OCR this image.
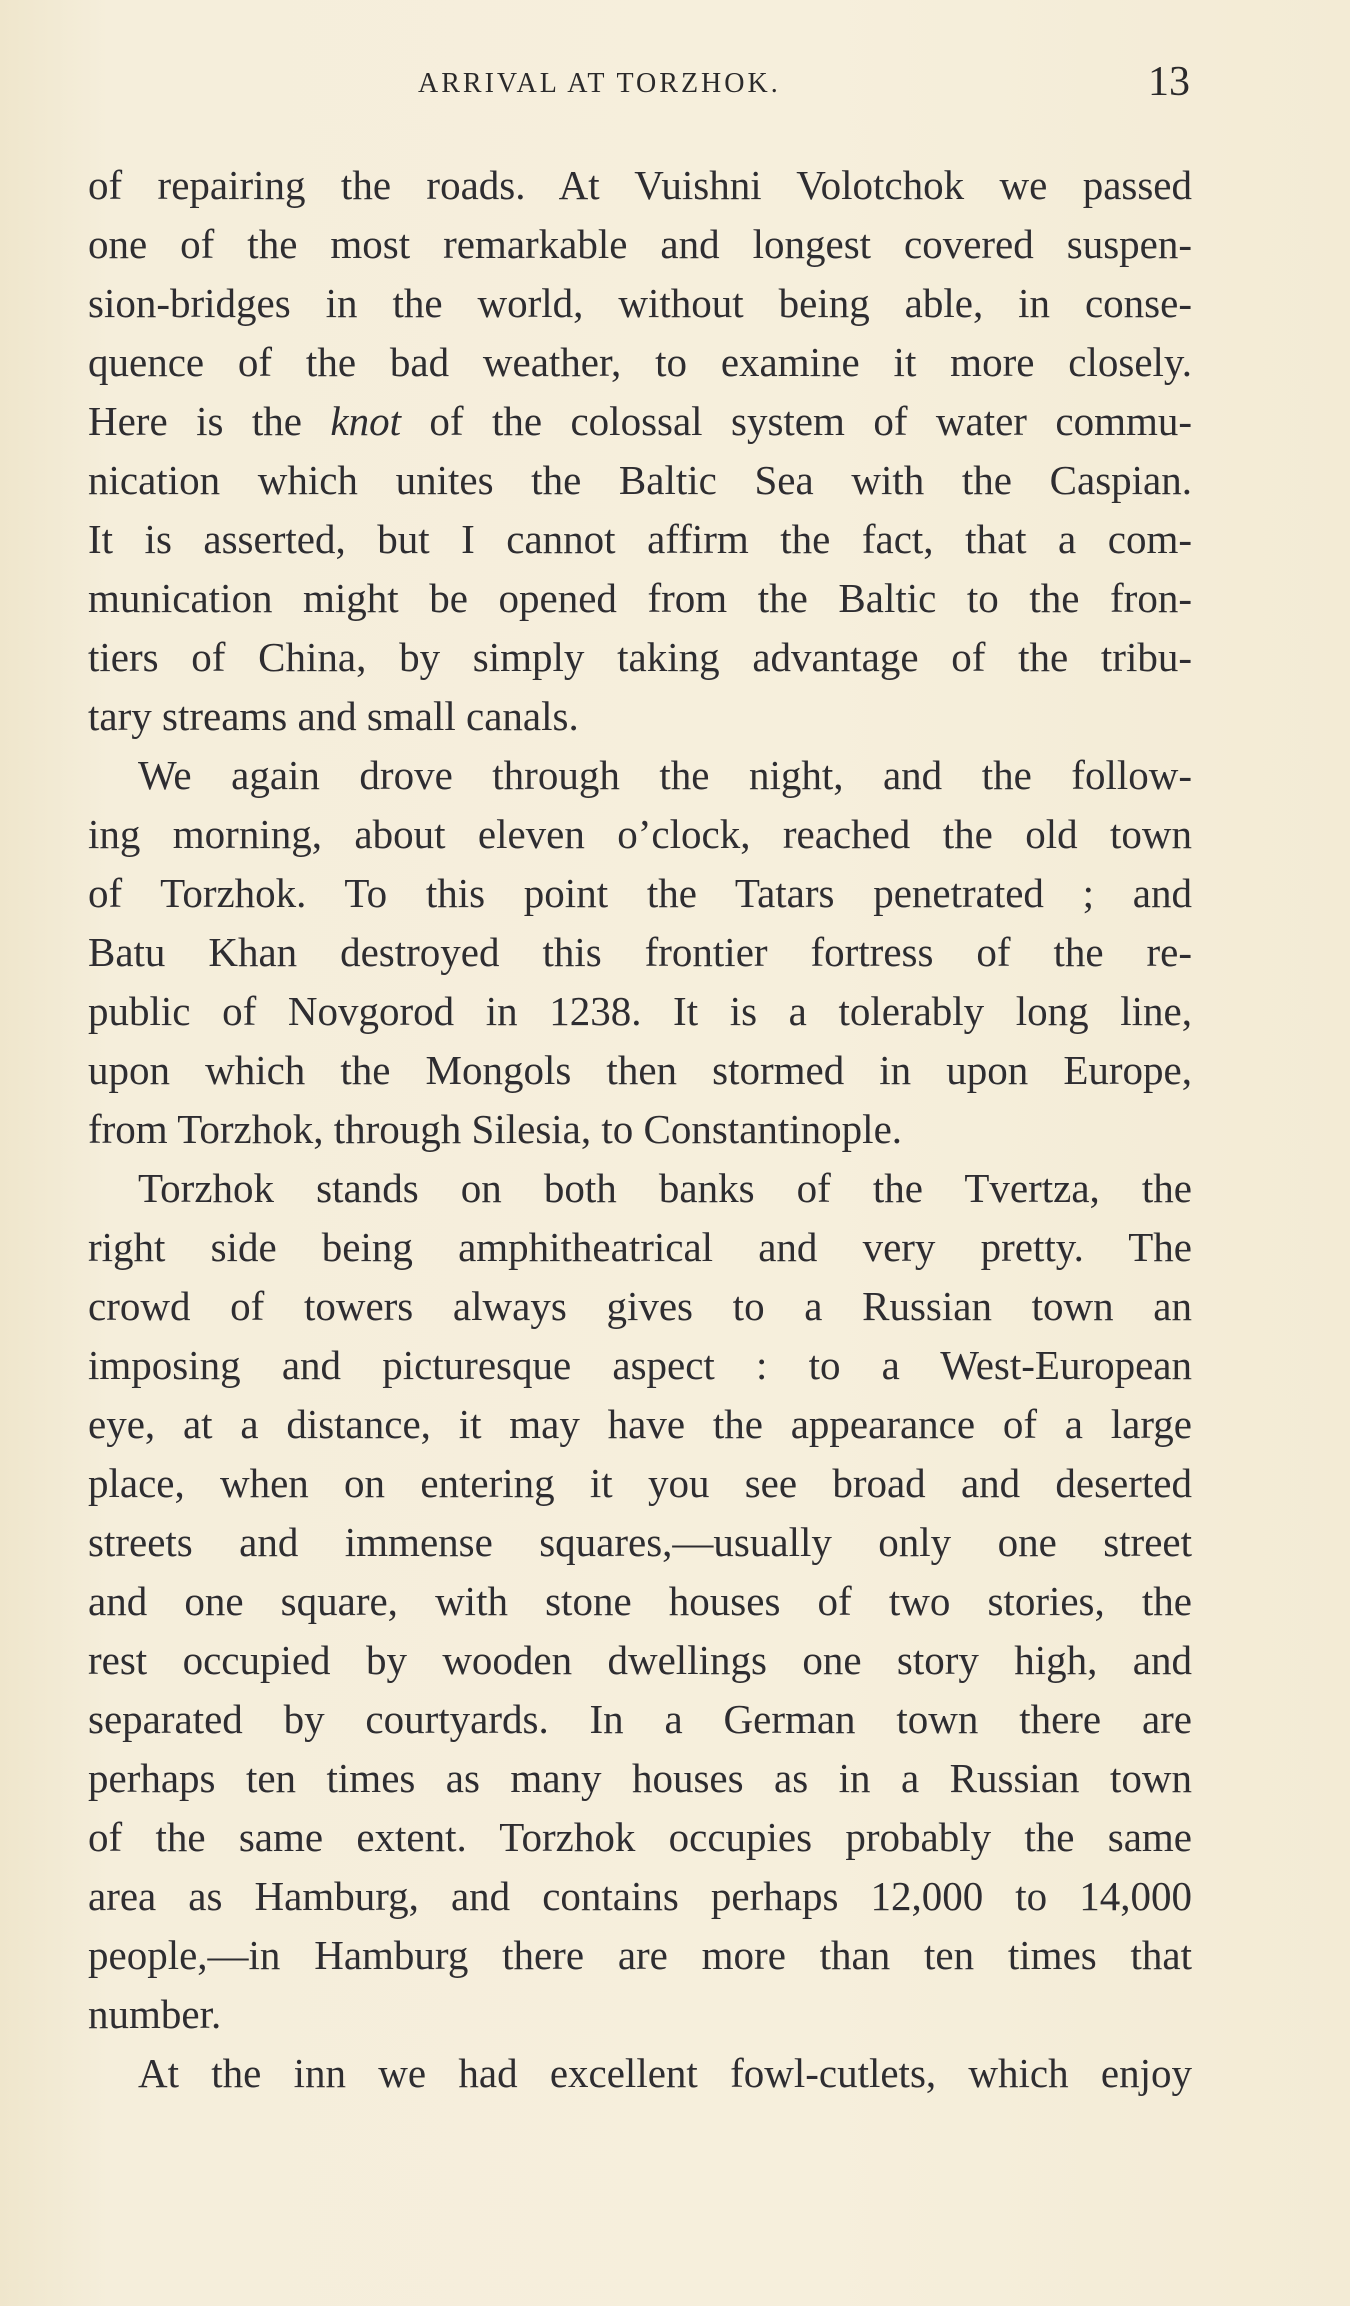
ARRIVAL AT TORZHOK.	13
of repairing the roads. At Vuishni Volotchok we passed
one of the most remarkable and longest covered suspen-
sion-bridges in the world, without being able, in conse-
quence of the bad weather, to examine it more closely.
Here is the knot of the colossal system of water commu-
nication which unites the Baltic Sea with the Caspian.
It is asserted, but I cannot affirm the fact, that a com-
munication might be opened from the Baltic to the fron-
tiers of China, by simply taking advantage of the tribu-
tary streams and small canals.
We again drove through the night, and the follow-
ing morning, about eleven o’clock, reached the old town
of Torzhok. To this point the Tatars penetrated ; and
Batu Khan destroyed this frontier fortress of the re-
public of Novgorod in 1238. It is a tolerably long line,
upon which the Mongols then stormed in upon Europe,
from Torzhok, through Silesia, to Constantinople.
Torzhok stands on both banks of the Tvertza, the
right side being amphitheatrical and very pretty. The
crowd of towers always gives to a Russian town an
imposing and picturesque aspect : to a West-European
eye, at a distance, it may have the appearance of a large
place, when on entering it you see broad and deserted
streets and immense squares,—usually only one street
and one square, with stone houses of two stories, the
rest occupied by wooden dwellings one story high, and
separated by courtyards. In a German town there are
perhaps ten times as many houses as in a Russian town
of the same extent. Torzhok occupies probably the same
area as Hamburg, and contains perhaps 12,000 to 14,000
people,—in Hamburg there are more than ten times that
number.
At the inn we had excellent fowl-cutlets, which enjoy
